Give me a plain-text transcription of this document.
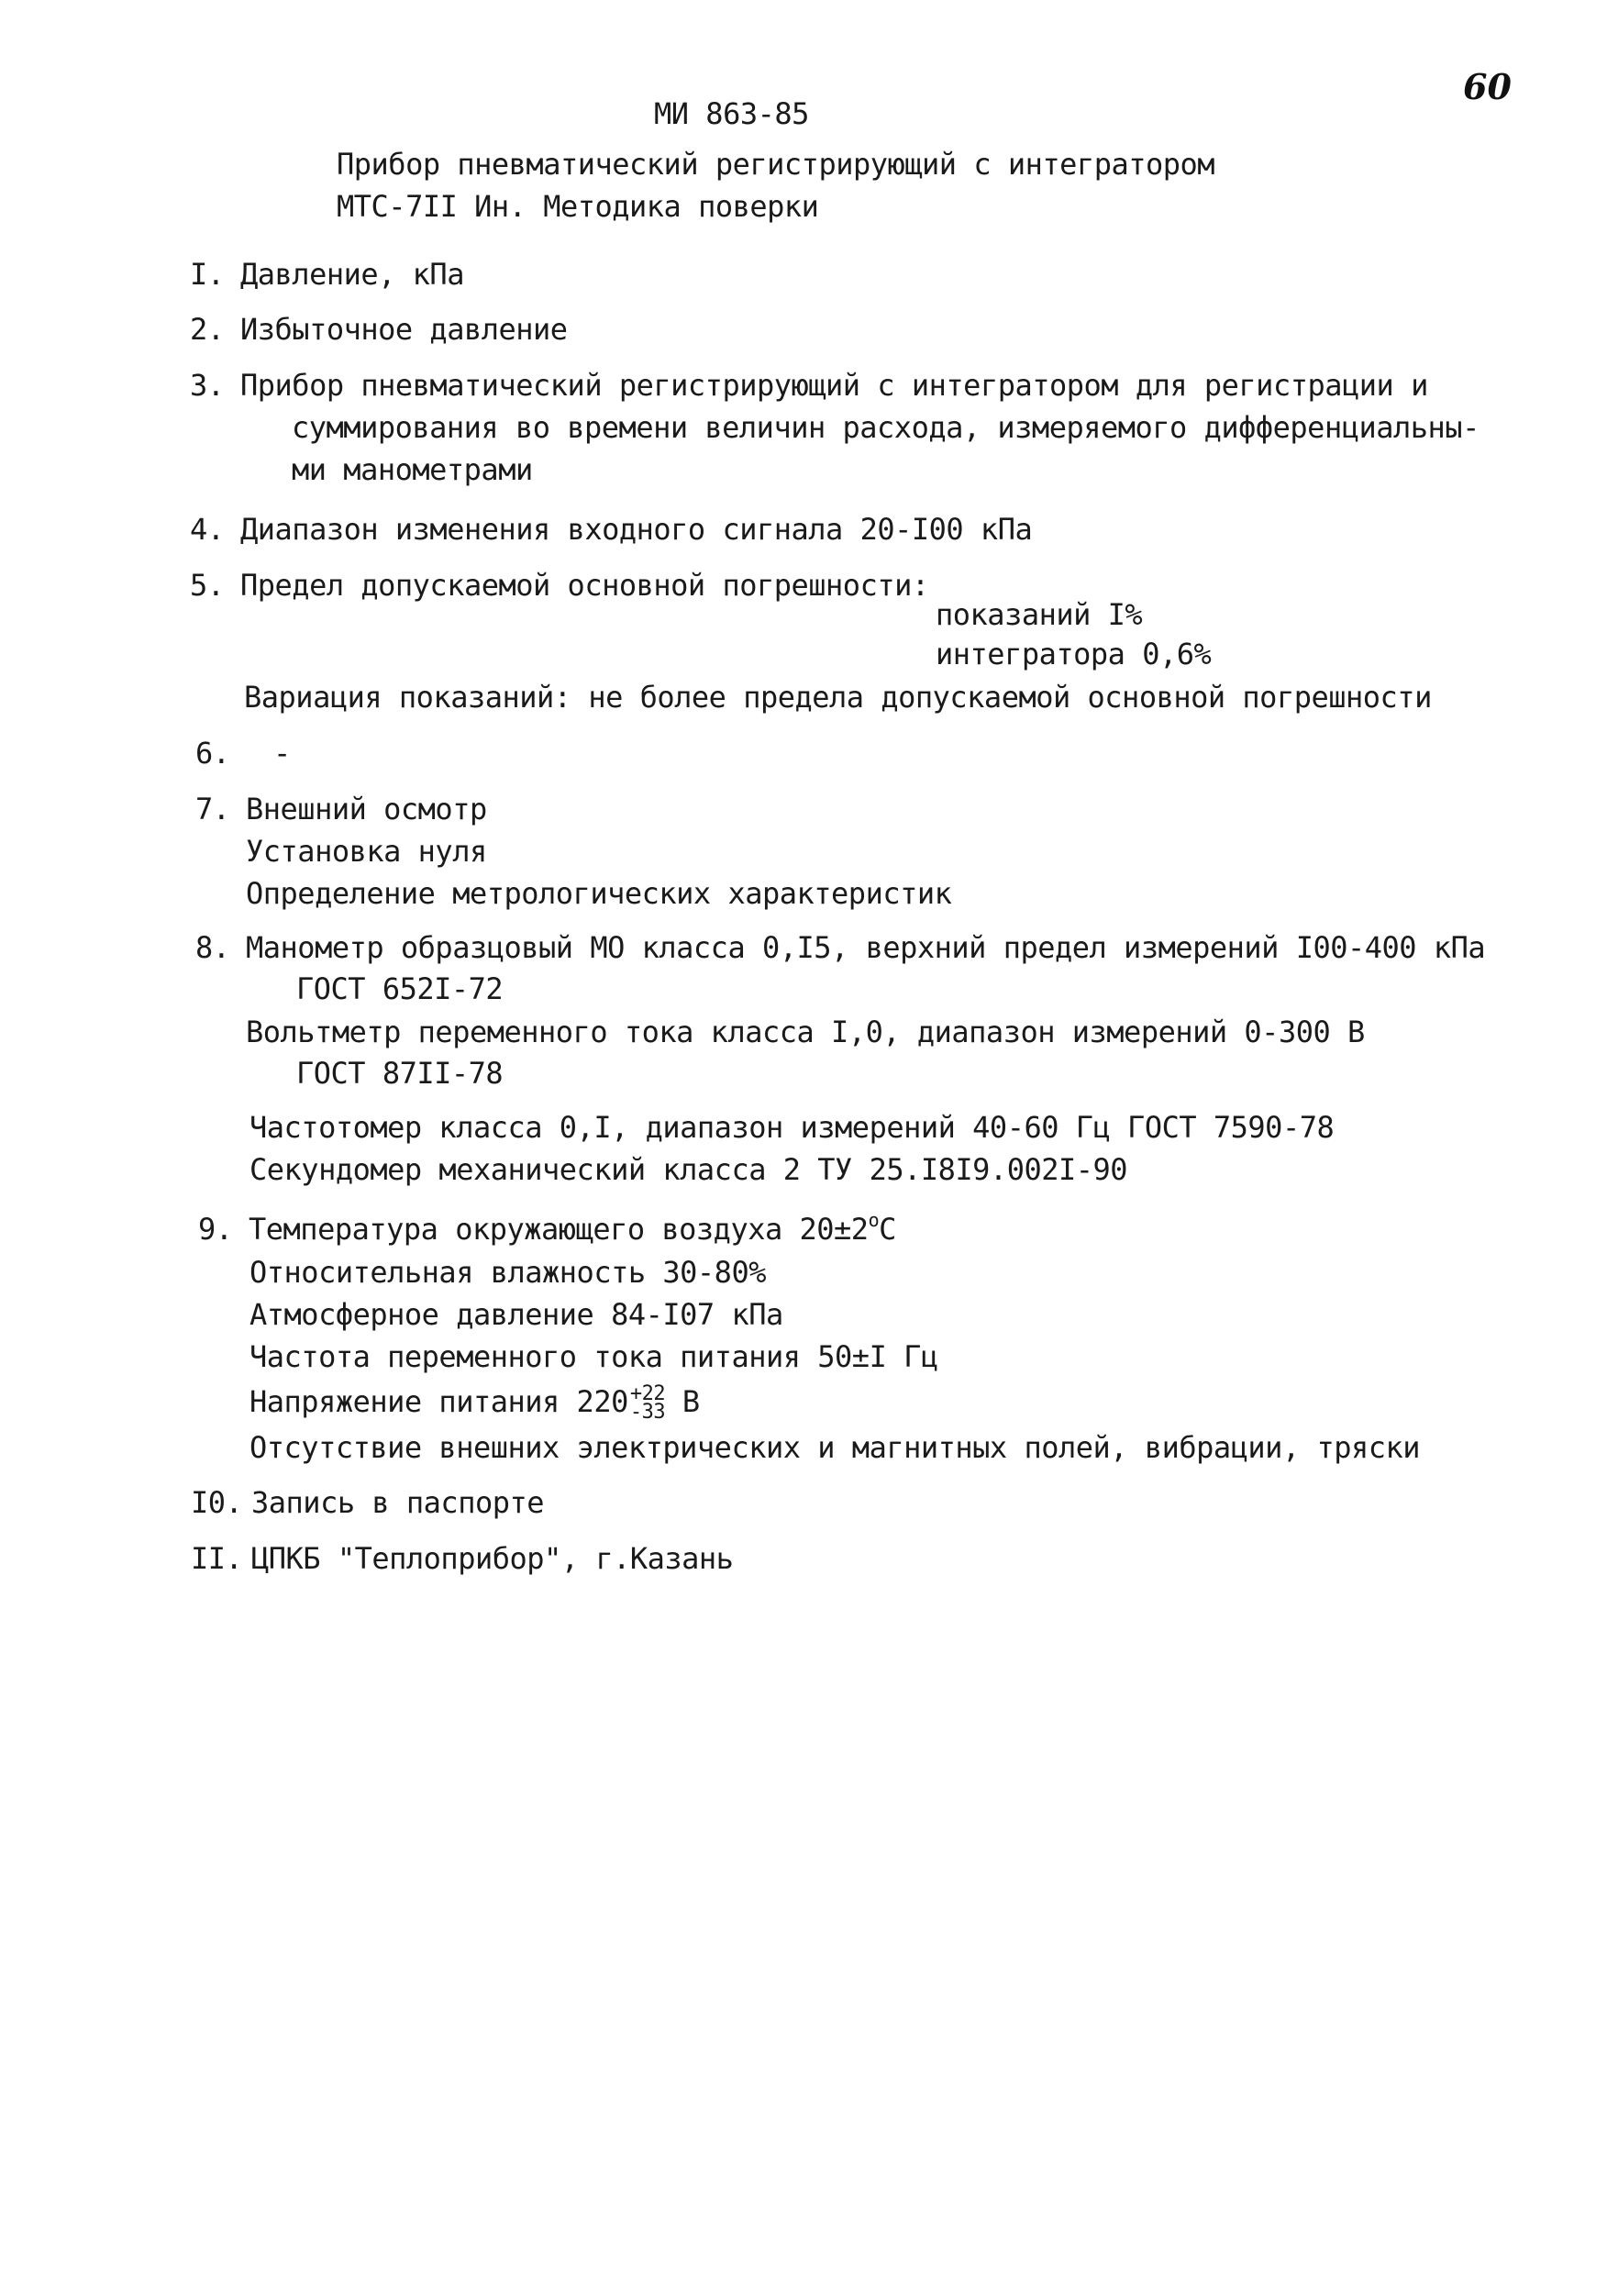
60
МИ 863-85
Прибор пневматический регистрирующий с интегратором
МТС-7II Ин. Методика поверки
I. Давление, кПа
2. Избыточное давление
3. Прибор пневматический регистрирующий с интегратором для регистрации и
суммирования во времени величин расхода, измеряемого дифференциальны-
ми манометрами
4. Диапазон изменения входного сигнала 20-I00 кПа
5. Предел допускаемой основной погрешности:
показаний I%
интегратора 0,6%
Вариация показаний: не более предела допускаемой основной погрешности
6. -
7. Внешний осмотр
Установка нуля
Определение метрологических характеристик
8. Манометр образцовый МО класса 0,I5, верхний предел измерений I00-400 кПа
ГОСТ 652I-72
Вольтметр переменного тока класса I,0, диапазон измерений 0-300 В
ГОСТ 87II-78
Частотомер класса 0,I, диапазон измерений 40-60 Гц ГОСТ 7590-78
Секундомер механический класса 2 ТУ 25.I8I9.002I-90
9. Температура окружающего воздуха $20\pm 2^оС$
Относительная влажность 30-80%
Атмосферное давление 84-I07 кПа
Частота переменного тока питания 50±I Гц
Напряжение питания 220 +22
-33 В
Отсутствие внешних электрических и магнитных полей, вибрации, тряски
I0. Запись в паспорте
II. ЦПКБ "Теплоприбор", г.Казань
